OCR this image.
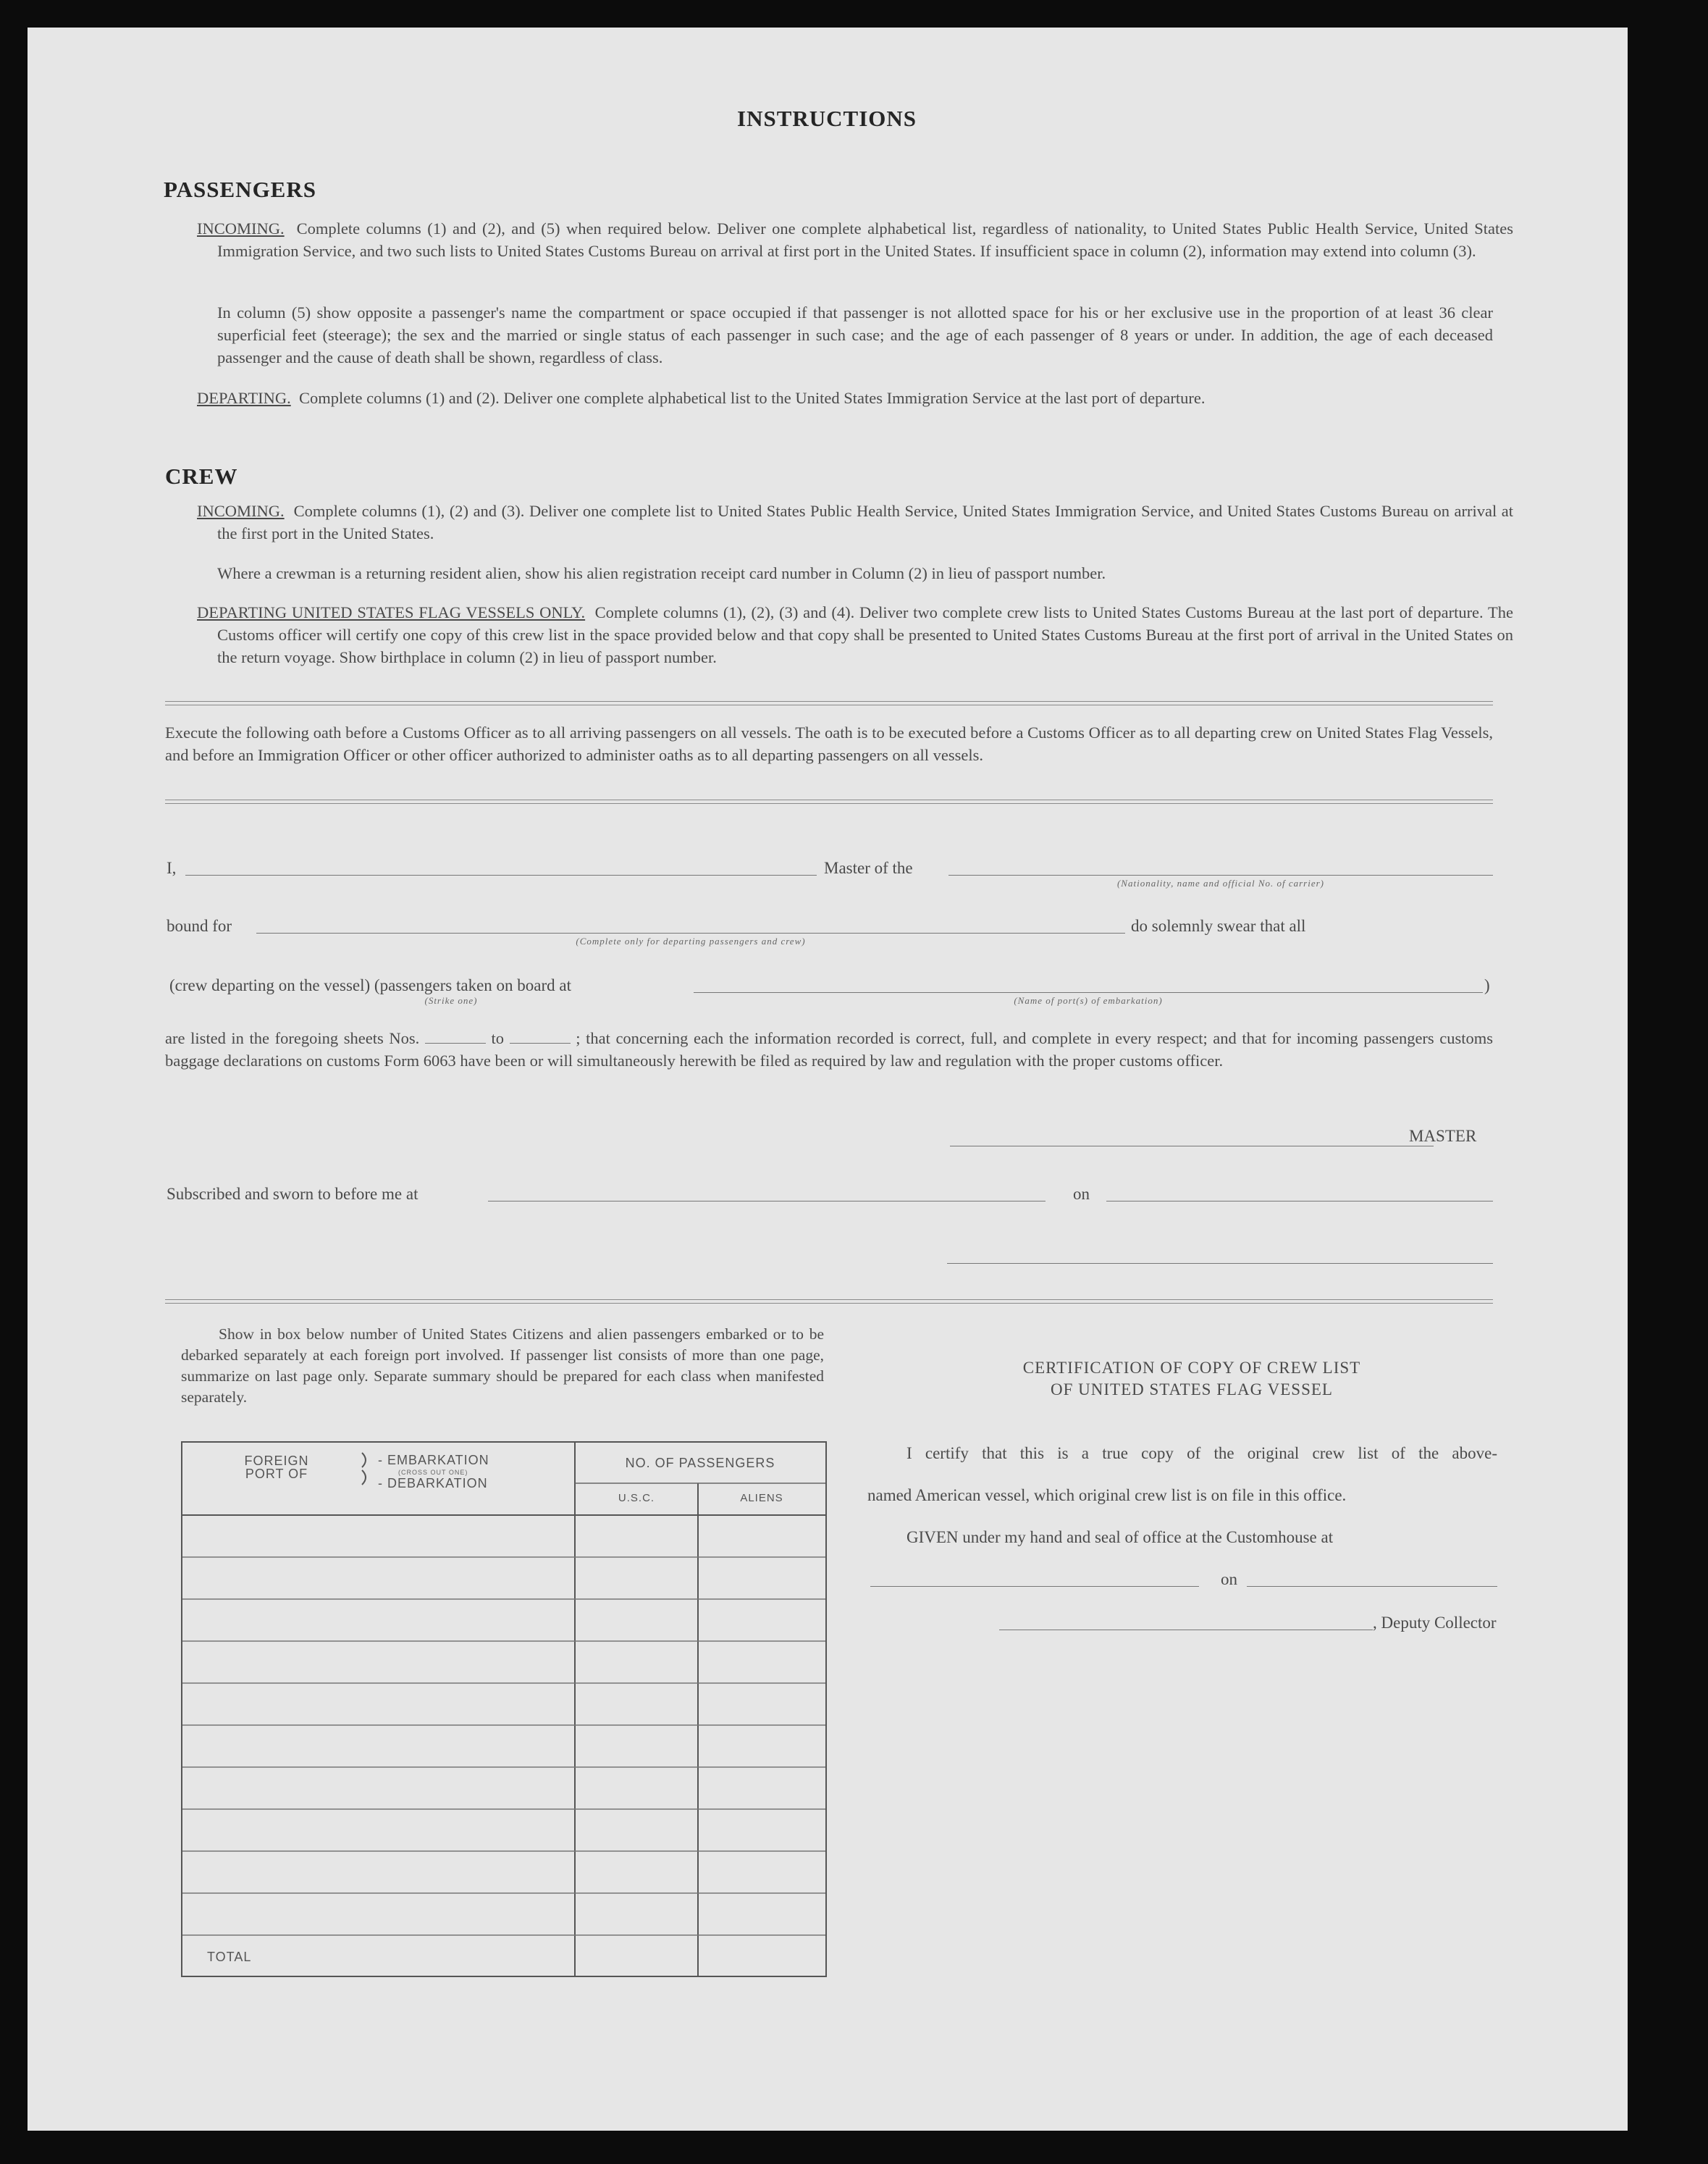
INSTRUCTIONS
PASSENGERS
INCOMING. Complete columns (1) and (2), and (5) when required below. Deliver one complete alphabetical list, regardless of nationality, to United States Public Health Service, United States Immigration Service, and two such lists to United States Customs Bureau on arrival at first port in the United States. If insufficient space in column (2), information may extend into column (3).
In column (5) show opposite a passenger's name the compartment or space occupied if that passenger is not allotted space for his or her exclusive use in the proportion of at least 36 clear superficial feet (steerage); the sex and the married or single status of each passenger in such case; and the age of each passenger of 8 years or under. In addition, the age of each deceased passenger and the cause of death shall be shown, regardless of class.
DEPARTING. Complete columns (1) and (2). Deliver one complete alphabetical list to the United States Immigration Service at the last port of departure.
CREW
INCOMING. Complete columns (1), (2) and (3). Deliver one complete list to United States Public Health Service, United States Immigration Service, and United States Customs Bureau on arrival at the first port in the United States.
Where a crewman is a returning resident alien, show his alien registration receipt card number in Column (2) in lieu of passport number.
DEPARTING UNITED STATES FLAG VESSELS ONLY. Complete columns (1), (2), (3) and (4). Deliver two complete crew lists to United States Customs Bureau at the last port of departure. The Customs officer will certify one copy of this crew list in the space provided below and that copy shall be presented to United States Customs Bureau at the first port of arrival in the United States on the return voyage. Show birthplace in column (2) in lieu of passport number.
Execute the following oath before a Customs Officer as to all arriving passengers on all vessels. The oath is to be executed before a Customs Officer as to all departing crew on United States Flag Vessels, and before an Immigration Officer or other officer authorized to administer oaths as to all departing passengers on all vessels.
I,	Master of the
(Nationality, name and official No. of carrier)
bound for
(Complete only for departing passengers and crew)
do solemnly swear that all
(crew departing on the vessel) (passengers taken on board at
(Strike one)	(Name of port(s) of embarkation)
)
are listed in the foregoing sheets Nos.	to	; that concerning each the information recorded is correct, full, and complete in every respect; and that for incoming passengers customs baggage declarations on customs Form 6063 have been or will simultaneously herewith be filed as required by law and regulation with the proper customs officer.
MASTER
Subscribed and sworn to before me at	on
Show in box below number of United States Citizens and alien passengers embarked or to be debarked separately at each foreign port involved. If passenger list consists of more than one page, summarize on last page only. Separate summary should be prepared for each class when manifested separately.
FOREIGN PORT OF
- EMBARKATION
(CROSS OUT ONE)
- DEBARKATION
NO. OF PASSENGERS
U.S.C.	ALIENS
TOTAL
CERTIFICATION OF COPY OF CREW LIST
OF UNITED STATES FLAG VESSEL
I certify that this is a true copy of the original crew list of the above-
named American vessel, which original crew list is on file in this office.
GIVEN under my hand and seal of office at the Customhouse at
on
, Deputy Collector
